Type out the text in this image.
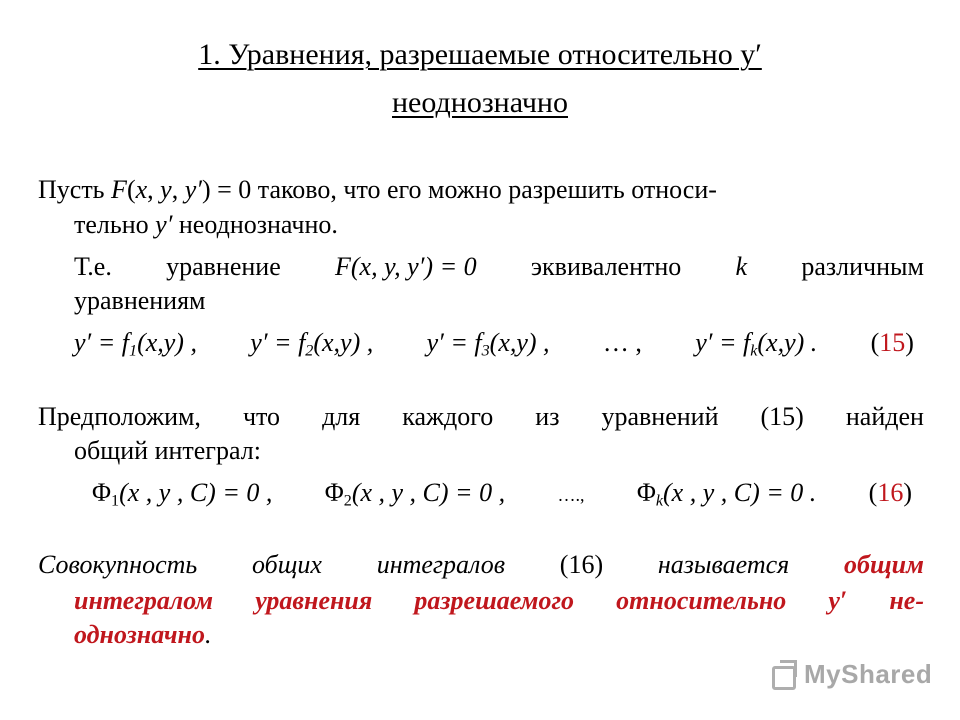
1. Уравнения, разрешаемые относительно y′
неоднозначно
Пусть F(x, y, y′) = 0 таково, что его можно разрешить относи-
тельно y′ неоднозначно.
Т.е. уравнение F(x, y, y′) = 0 эквивалентно k различным
уравнениям
$y' = f_1(x,y)$ , $y' = f_2(x,y)$ , $y' = f_3(x,y)$ , … , $y' = f_k(x,y)$ . (15)
Предположим, что для каждого из уравнений (15) найден
общий интеграл:
$\Phi_1(x$ , y , C) = 0 , $\Phi_2(x$ , y , C) = 0 ,	…., $\Phi_k(x$ , y , C) = 0 . (16)
Совокупность общих интегралов (16) называется общим
интегралом уравнения разрешаемого относительно y′ не-
однозначно.
MyShared
